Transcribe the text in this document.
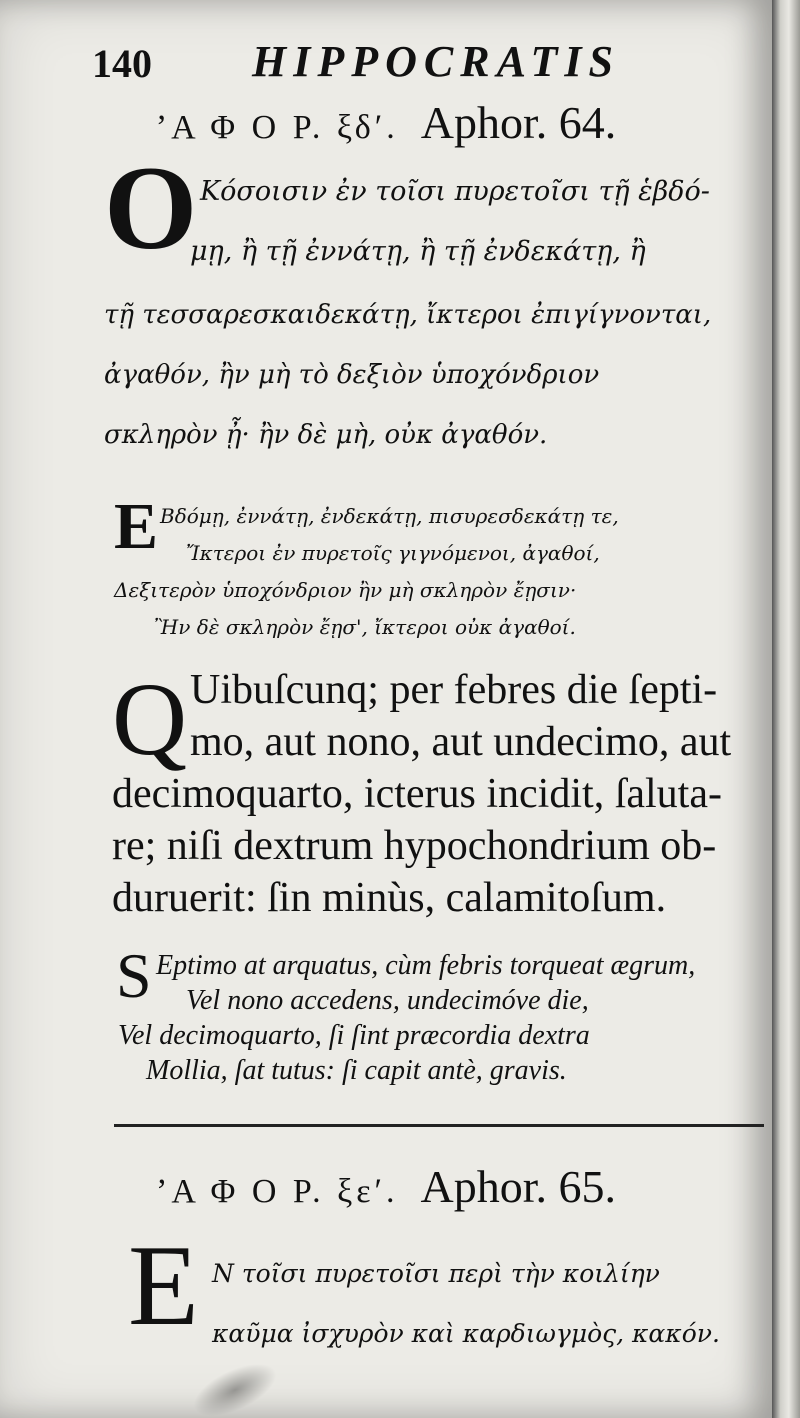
140 HIPPOCRATIS
ʼΑ Φ Ο Ρ. ξδʹ. Aphor. 64.
O Κόσοισιν ἐν τοῖσι πυρετοῖσι τῇ ἑβδό-
μῃ, ἢ τῇ ἐννάτῃ, ἢ τῇ ἐνδεκάτῃ, ἢ
τῇ τεσσαρεσκαιδεκάτῃ, ἴκτεροι ἐπιγίγνονται,
ἀγαθόν, ἢν μὴ τὸ δεξιὸν ὑποχόνδριον
σκληρὸν ᾖ· ἢν δὲ μὴ, οὐκ ἀγαθόν.
E Βδόμῃ, ἐννάτῃ, ἐνδεκάτῃ, πισυρεσδεκάτῃ τε,
Ἴκτεροι ἐν πυρετοῖς γιγνόμενοι, ἀγαθοί,
Δεξιτερὸν ὑποχόνδριον ἢν μὴ σκληρὸν ἔῃσιν·
Ἢν δὲ σκληρὸν ἔῃσ', ἴκτεροι οὐκ ἀγαθοί.
Q Uibuſcunq; per febres die ſepti-
mo, aut nono, aut undecimo, aut
decimoquarto, icterus incidit, ſaluta-
re; niſi dextrum hypochondrium ob-
duruerit: ſin minùs, calamitoſum.
S Eptimo at arquatus, cùm febris torqueat ægrum,
Vel nono accedens, undecimóve die,
Vel decimoquarto, ſi ſint præcordia dextra
Mollia, ſat tutus: ſi capit antè, gravis.
ʼΑ Φ Ο Ρ. ξεʹ. Aphor. 65.
E Ν τοῖσι πυρετοῖσι περὶ τὴν κοιλίην
καῦμα ἰσχυρὸν καὶ καρδιωγμὸς, κακόν.
